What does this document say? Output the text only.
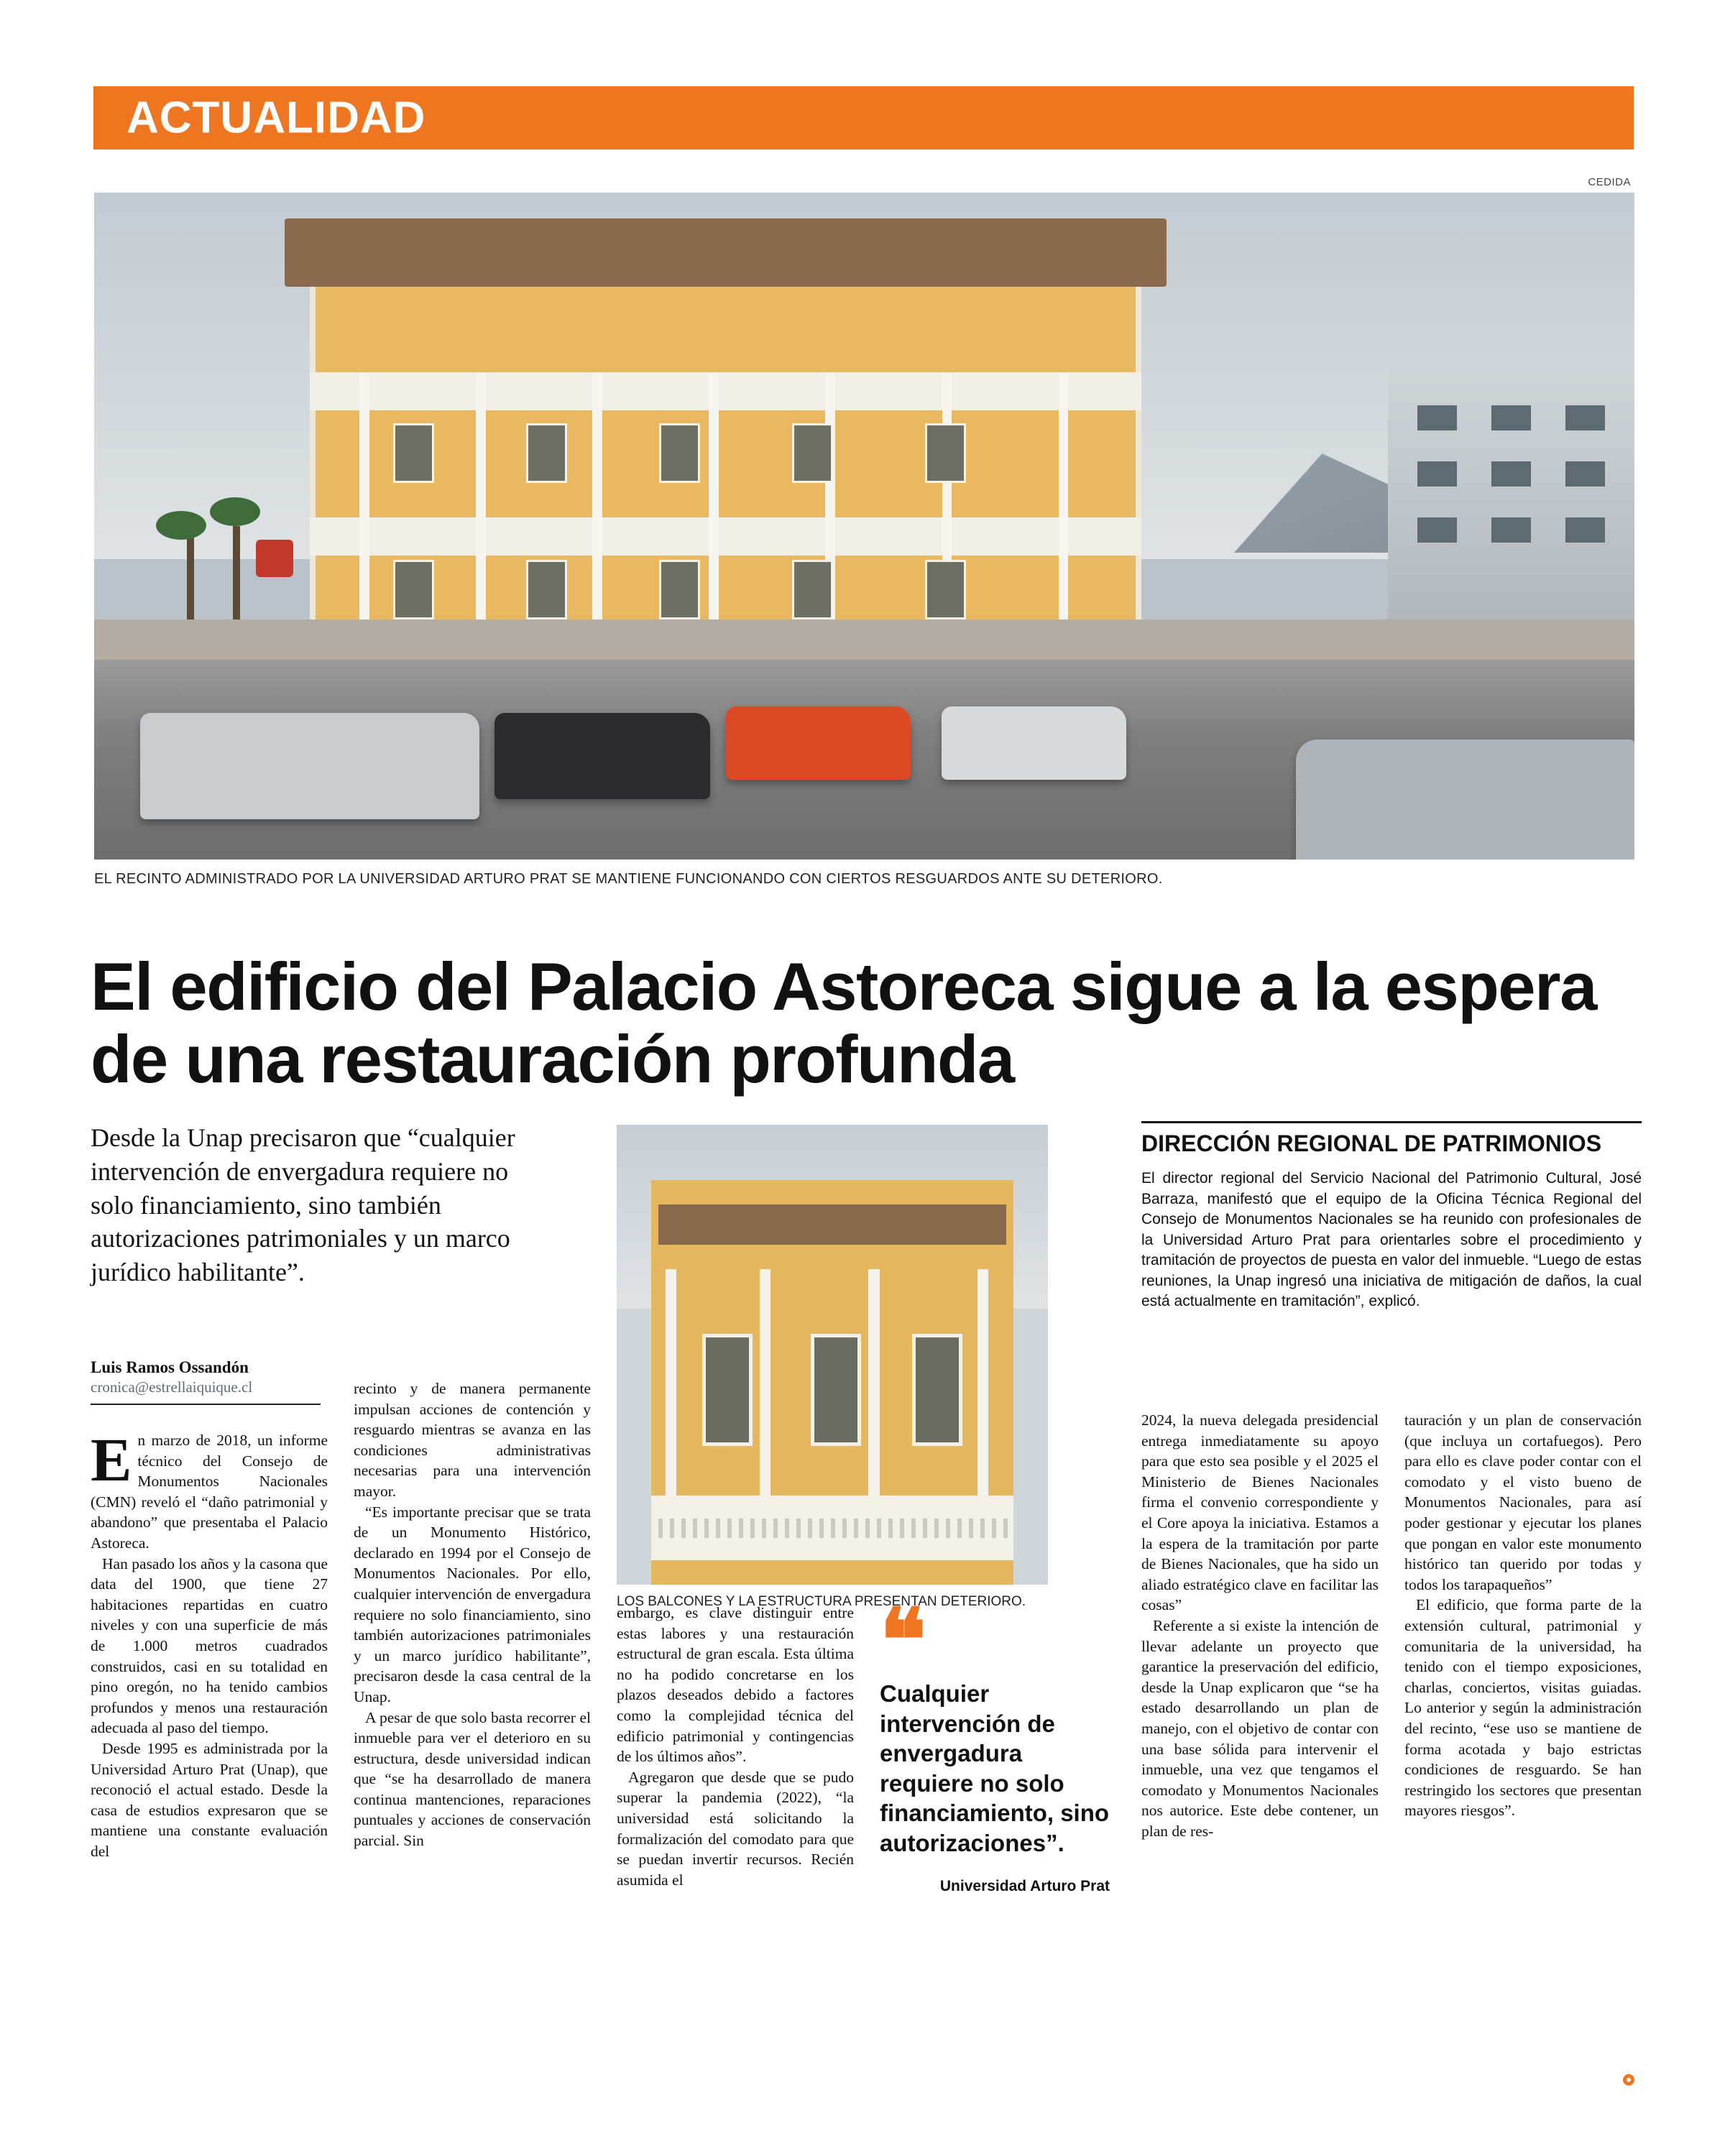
ACTUALIDAD
CEDIDA
EL RECINTO ADMINISTRADO POR LA UNIVERSIDAD ARTURO PRAT SE MANTIENE FUNCIONANDO CON CIERTOS RESGUARDOS ANTE SU DETERIORO.
El edificio del Palacio Astoreca sigue a la espera de una restauración profunda
Desde la Unap precisaron que “cualquier intervención de envergadura requiere no solo financiamiento, sino también autorizaciones patrimoniales y un marco jurídico habilitante”.
Luis Ramos Ossandón
cronica@estrellaiquique.cl

En marzo de 2018, un informe técnico del Consejo de Monumentos Nacionales (CMN) reveló el “daño patrimonial y abandono” que presentaba el Palacio Astoreca.

Han pasado los años y la casona que data del 1900, que tiene 27 habitaciones repartidas en cuatro niveles y con una superficie de más de 1.000 metros cuadrados construidos, casi en su totalidad en pino oregón, no ha tenido cambios profundos y menos una restauración adecuada al paso del tiempo.

Desde 1995 es administrada por la Universidad Arturo Prat (Unap), que reconoció el actual estado. Desde la casa de estudios expresaron que se mantiene una constante evaluación del

recinto y de manera permanente impulsan acciones de contención y resguardo mientras se avanza en las condiciones administrativas necesarias para una intervención mayor.

“Es importante precisar que se trata de un Monumento Histórico, declarado en 1994 por el Consejo de Monumentos Nacionales. Por ello, cualquier intervención de envergadura requiere no solo financiamiento, sino también autorizaciones patrimoniales y un marco jurídico habilitante”, precisaron desde la casa central de la Unap.

A pesar de que solo basta recorrer el inmueble para ver el deterioro en su estructura, desde universidad indican que “se ha desarrollado de manera continua mantenciones, reparaciones puntuales y acciones de conservación parcial. Sin

LOS BALCONES Y LA ESTRUCTURA PRESENTAN DETERIORO.

embargo, es clave distinguir entre estas labores y una restauración estructural de gran escala. Esta última no ha podido concretarse en los plazos deseados debido a factores como la complejidad técnica del edificio patrimonial y contingencias de los últimos años”.

Agregaron que desde que se pudo superar la pandemia (2022), “la universidad está solicitando la formalización del comodato para que se puedan invertir recursos. Recién asumida el

❝
Cualquier intervención de envergadura requiere no solo financiamiento, sino autorizaciones”.
Universidad Arturo Prat
DIRECCIÓN REGIONAL DE PATRIMONIOS
El director regional del Servicio Nacional del Patrimonio Cultural, José Barraza, manifestó que el equipo de la Oficina Técnica Regional del Consejo de Monumentos Nacionales se ha reunido con profesionales de la Universidad Arturo Prat para orientarles sobre el procedimiento y tramitación de proyectos de puesta en valor del inmueble. “Luego de estas reuniones, la Unap ingresó una iniciativa de mitigación de daños, la cual está actualmente en tramitación”, explicó.

2024, la nueva delegada presidencial entrega inmediatamente su apoyo para que esto sea posible y el 2025 el Ministerio de Bienes Nacionales firma el convenio correspondiente y el Core apoya la iniciativa. Estamos a la espera de la tramitación por parte de Bienes Nacionales, que ha sido un aliado estratégico clave en facilitar las cosas”

Referente a si existe la intención de llevar adelante un proyecto que garantice la preservación del edificio, desde la Unap explicaron que “se ha estado desarrollando un plan de manejo, con el objetivo de contar con una base sólida para intervenir el inmueble, una vez que tengamos el comodato y Monumentos Nacionales nos autorice. Este debe contener, un plan de res-

tauración y un plan de conservación (que incluya un cortafuegos). Pero para ello es clave poder contar con el comodato y el visto bueno de Monumentos Nacionales, para así poder gestionar y ejecutar los planes que pongan en valor este monumento histórico tan querido por todas y todos los tarapaqueños”

El edificio, que forma parte de la extensión cultural, patrimonial y comunitaria de la universidad, ha tenido con el tiempo exposiciones, charlas, conciertos, visitas guiadas. Lo anterior y según la administración del recinto, “ese uso se mantiene de forma acotada y bajo estrictas condiciones de resguardo. Se han restringido los sectores que presentan mayores riesgos”.
